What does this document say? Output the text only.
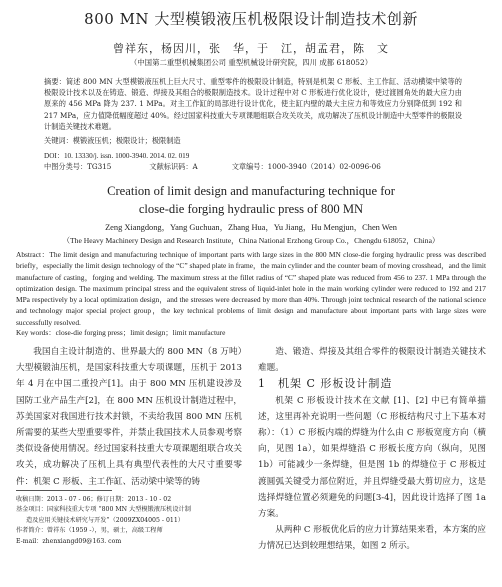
800 MN 大型模锻液压机极限设计制造技术创新
曾祥东，杨因川，张　华，于　江，胡孟君，陈　文
（中国第二重型机械集团公司 重型机械设计研究院，四川 成都 618052）
摘要：简述 800 MN 大型模锻液压机上巨大尺寸、重型零件的极限设计制造，特别是机架 C 形板、主工作缸、活动横梁中梁等的极限设计技术以及在铸造、锻造、焊接及其组合的极限制造技术。设计过程中对 C 形板进行优化设计，使过渡圆角处的最大应力由原来的 456 MPa 降为 237. 1 MPa。对主工作缸的局部进行设计优化，使主缸内壁的最大主应力和等效应力分别降低到 192 和 217 MPa，应力值降低幅度超过 40%。经过国家科技重大专项课题组联合攻关攻关，成功解决了压机设计制造中大型零件的极限设计制造关键技术难题。
关键词：模锻液压机；极限设计；极限制造
DOI：10. 13330/j. issn. 1000-3940. 2014. 02. 019
中图分类号：TG315	文献标识码：A	文章编号：1000-3940（2014）02-0096-06
Creation of limit design and manufacturing technique for
close-die forging hydraulic press of 800 MN
Zeng Xiangdong，Yang Guchuan，Zhang Hua，Yu Jiang，Hu Mengjun，Chen Wen
（The Heavy Machinery Design and Research Institute，China National Erzhong Group Co.，Chengdu 618052，China）
Abstract：The limit design and manufacturing technique of important parts with large sizes in the 800 MN close-die forging hydraulic press was described briefly，especially the limit design technology of the “C” shaped plate in frame，the main cylinder and the counter beam of moving crosshead，and the limit manufacture of casting，forging and welding. The maximum stress at the fillet radius of “C” shaped plate was reduced from 456 to 237. 1 MPa through the optimization design. The maximum principal stress and the equivalent stress of liquid-inlet hole in the main working cylinder were reduced to 192 and 217 MPa respectively by a local optimization design，and the stresses were decreased by more than 40%. Through joint technical research of the national science and technology major special project group，the key technical problems of limit design and manufacture about important parts with large sizes were successfully resolved.
Key words：close-die forging press；limit design；limit manufacture
我国自主设计制造的、世界最大的 800 MN（8 万吨）大型模锻油压机，是国家科技重大专项课题，压机于 2013 年 4 月在中国二重投产[1]。由于 800 MN 压机建设涉及国防工业产品生产[2]，在 800 MN 压机设计制造过程中，苏美国家对我国进行技术封锁，不卖给我国 800 MN 压机所需要的某些大型重要零件，并禁止我国技术人员参观考察类似设备使用情况。经过国家科技重大专项课题组联合攻关攻关，成功解决了压机上具有典型代表性的大尺寸重要零件：机架 C 形板、主工作缸、活动梁中梁等的铸

造、锻造、焊接及其组合零件的极限设计制造关键技术难题。

1　机架 C 形板设计制造

机架 C 形板设计技术在文献 [1]、[2] 中已有简单描述，这里再补充说明一些问题（C 形板结构尺寸上下基本对称）：（1）C 形板内端的焊缝为什么由 C 形板宽度方向（横向，见图 1a），如果焊缝沿 C 形板长度方向（纵向，见图 1b）可能减少一条焊缝，但是图 1b 的焊缝位于 C 形板过渡圆弧关键受力部位附近，并且焊缝受最大剪切应力，这是选择焊缝位置必须避免的问题[3-4]，因此设计选择了图 1a 方案。

从两种 C 形板优化后的应力计算结果来看，本方案的应力情况已达到较理想结果，如图 2 所示。

收稿日期：2013 - 07 - 06；修订日期：2013 - 10 - 02
基金项目：国家科技重大专项 “800 MN 大型模锻液压机设计制
造及应用关键技术研究与开发”（2009ZX04005 - 011）
作者简介：曾祥东（1959 -），男，硕士，高级工程师
E-mail：zhenxiangd09@163. com
